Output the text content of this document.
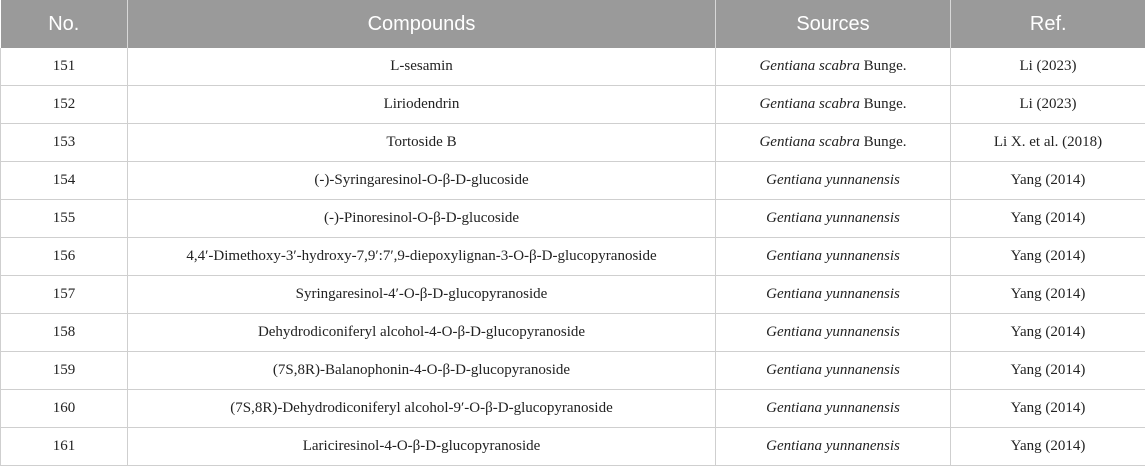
No.	Compounds	Sources	Ref.
151	L-sesamin	Gentiana scabra Bunge.	Li (2023)
152	Liriodendrin	Gentiana scabra Bunge.	Li (2023)
153	Tortoside B	Gentiana scabra Bunge.	Li X. et al. (2018)
154	(-)-Syringaresinol-O-β-D-glucoside	Gentiana yunnanensis	Yang (2014)
155	(-)-Pinoresinol-O-β-D-glucoside	Gentiana yunnanensis	Yang (2014)
156	4,4′-Dimethoxy-3′-hydroxy-7,9′:7′,9-diepoxylignan-3-O-β-D-glucopyranoside	Gentiana yunnanensis	Yang (2014)
157	Syringaresinol-4′-O-β-D-glucopyranoside	Gentiana yunnanensis	Yang (2014)
158	Dehydrodiconiferyl alcohol-4-O-β-D-glucopyranoside	Gentiana yunnanensis	Yang (2014)
159	(7S,8R)-Balanophonin-4-O-β-D-glucopyranoside	Gentiana yunnanensis	Yang (2014)
160	(7S,8R)-Dehydrodiconiferyl alcohol-9′-O-β-D-glucopyranoside	Gentiana yunnanensis	Yang (2014)
161	Lariciresinol-4-O-β-D-glucopyranoside	Gentiana yunnanensis	Yang (2014)
